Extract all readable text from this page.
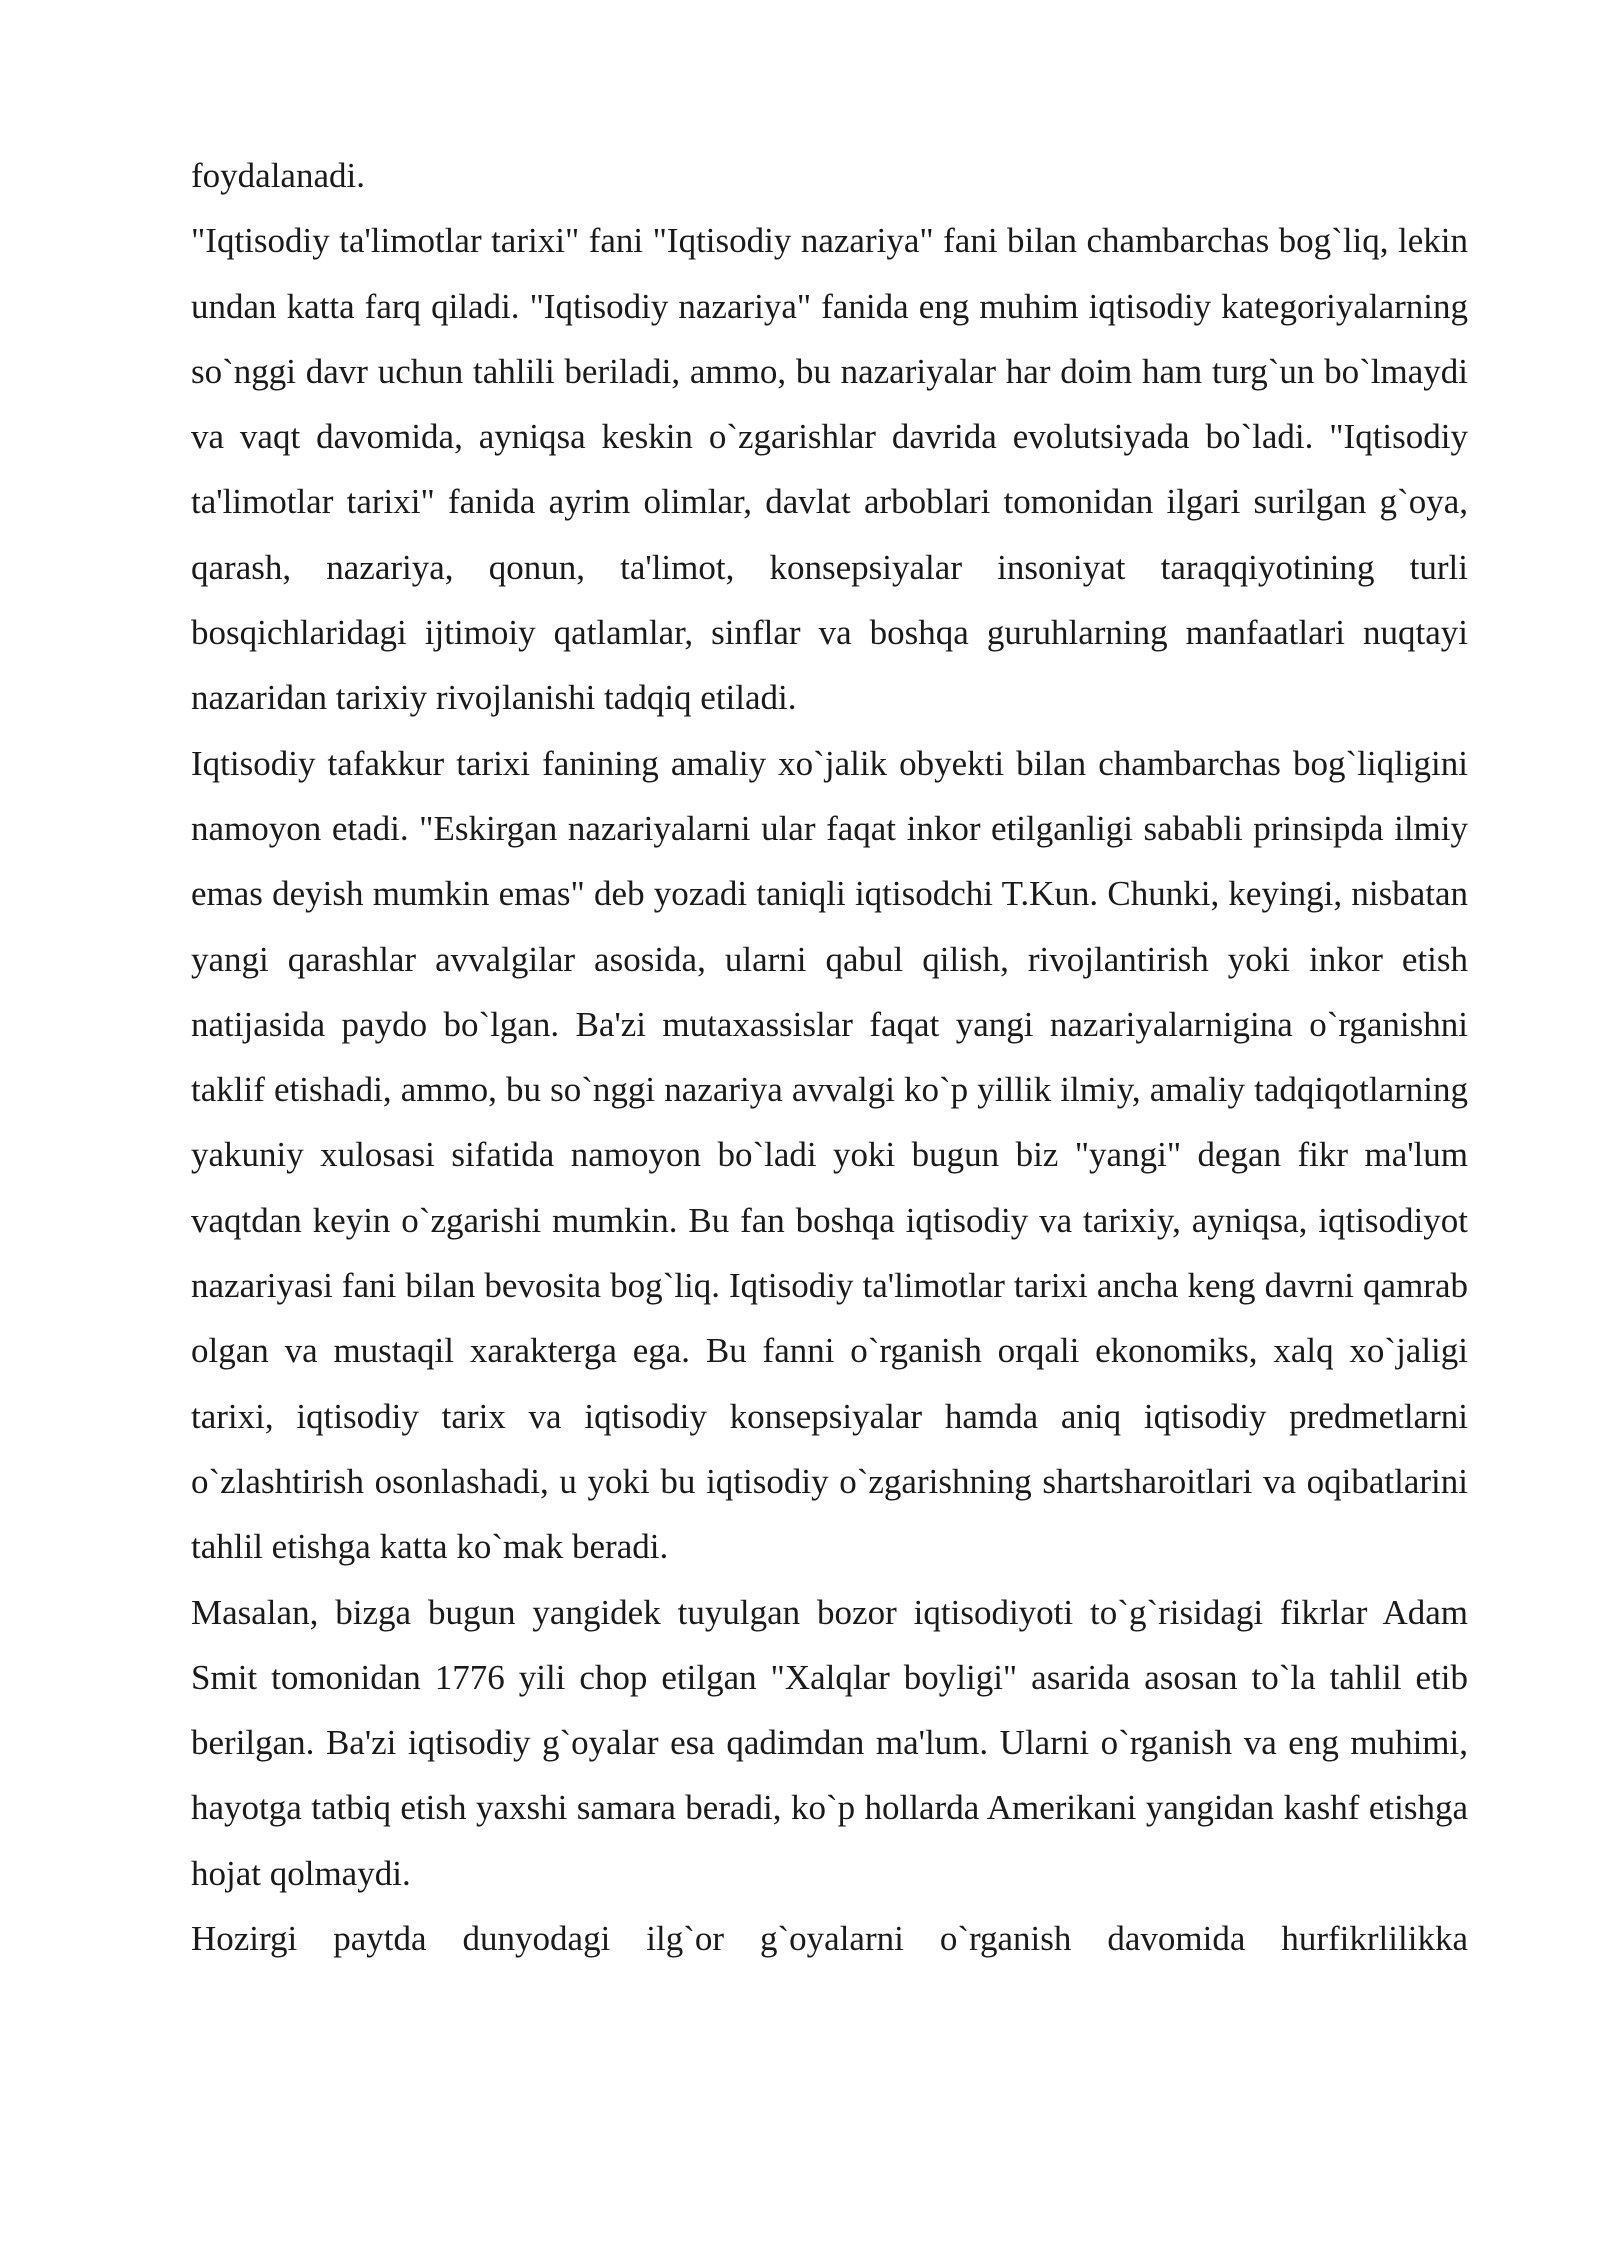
foydalanadi.

"Iqtisodiy ta'limotlar tarixi" fani "Iqtisodiy nazariya" fani bilan chambarchas bog`liq, lekin undan katta farq qiladi. "Iqtisodiy nazariya" fanida eng muhim iqtisodiy kategoriyalarning so`nggi davr uchun tahlili beriladi, ammo, bu nazariyalar har doim ham turg`un bo`lmaydi va vaqt davomida, ayniqsa keskin o`zgarishlar davrida evolutsiyada bo`ladi. "Iqtisodiy ta'limotlar tarixi" fanida ayrim olimlar, davlat arboblari tomonidan ilgari surilgan g`oya, qarash, nazariya, qonun, ta'limot, konsepsiyalar insoniyat taraqqiyotining turli bosqichlaridagi ijtimoiy qatlamlar, sinflar va boshqa guruhlarning manfaatlari nuqtayi nazaridan tarixiy rivojlanishi tadqiq etiladi.

Iqtisodiy tafakkur tarixi fanining amaliy xo`jalik obyekti bilan chambarchas bog`liqligini namoyon etadi. "Eskirgan nazariyalarni ular faqat inkor etilganligi sababli prinsipda ilmiy emas deyish mumkin emas" deb yozadi taniqli iqtisodchi T.Kun. Chunki, keyingi, nisbatan yangi qarashlar avvalgilar asosida, ularni qabul qilish, rivojlantirish yoki inkor etish natijasida paydo bo`lgan. Ba'zi mutaxassislar faqat yangi nazariyalarnigina o`rganishni taklif etishadi, ammo, bu so`nggi nazariya avvalgi ko`p yillik ilmiy, amaliy tadqiqotlarning yakuniy xulosasi sifatida namoyon bo`ladi yoki bugun biz "yangi" degan fikr ma'lum vaqtdan keyin o`zgarishi mumkin. Bu fan boshqa iqtisodiy va tarixiy, ayniqsa, iqtisodiyot nazariyasi fani bilan bevosita bog`liq. Iqtisodiy ta'limotlar tarixi ancha keng davrni qamrab olgan va mustaqil xarakterga ega. Bu fanni o`rganish orqali ekonomiks, xalq xo`jaligi tarixi, iqtisodiy tarix va iqtisodiy konsepsiyalar hamda aniq iqtisodiy predmetlarni o`zlashtirish osonlashadi, u yoki bu iqtisodiy o`zgarishning shartsharoitlari va oqibatlarini tahlil etishga katta ko`mak beradi.

Masalan, bizga bugun yangidek tuyulgan bozor iqtisodiyoti to`g`risidagi fikrlar Adam Smit tomonidan 1776 yili chop etilgan "Xalqlar boyligi" asarida asosan to`la tahlil etib berilgan. Ba'zi iqtisodiy g`oyalar esa qadimdan ma'lum. Ularni o`rganish va eng muhimi, hayotga tatbiq etish yaxshi samara beradi, ko`p hollarda Amerikani yangidan kashf etishga hojat qolmaydi.

Hozirgi paytda dunyodagi ilg`or g`oyalarni o`rganish davomida hurfikrlilikka
